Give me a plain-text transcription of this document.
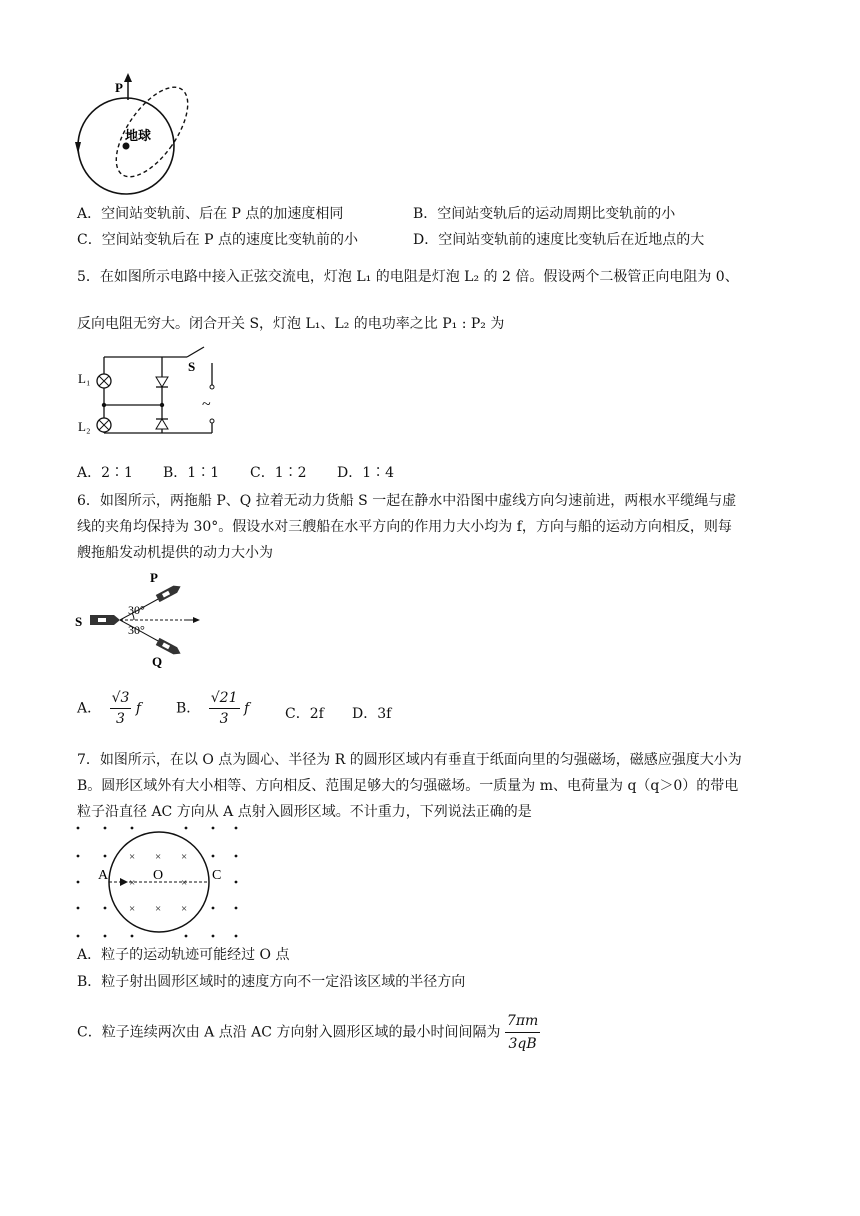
地球
P
A．空间站变轨前、后在 P 点的加速度相同	B．空间站变轨后的运动周期比变轨前的小
C．空间站变轨后在 P 点的速度比变轨前的小	D．空间站变轨前的速度比变轨后在近地点的大
5．在如图所示电路中接入正弦交流电，灯泡 L₁ 的电阻是灯泡 L₂ 的 2 倍。假设两个二极管正向电阻为 0、
反向电阻无穷大。闭合开关 S，灯泡 L₁、L₂ 的电功率之比 P₁ : P₂ 为
L₁
L₂
S
~
A．2∶1 B．1∶1 C．1∶2 D．1∶4
6．如图所示，两拖船 P、Q 拉着无动力货船 S 一起在静水中沿图中虚线方向匀速前进，两根水平缆绳与虚
线的夹角均保持为 30°。假设水对三艘船在水平方向的作用力大小均为 f，方向与船的运动方向相反，则每
艘拖船发动机提供的动力大小为
P
Q
S
30°
30°
A． $\frac{√3}{3}$ f B． $\frac{√21}{3}$ f	C．2f D．3f
7．如图所示，在以 O 点为圆心、半径为 R 的圆形区域内有垂直于纸面向里的匀强磁场，磁感应强度大小为
B。圆形区域外有大小相等、方向相反、范围足够大的匀强磁场。一质量为 m、电荷量为 q（q＞0）的带电
粒子沿直径 AC 方向从 A 点射入圆形区域。不计重力，下列说法正确的是
× × ×
×	×
× × ×
A	O	C
A．粒子的运动轨迹可能经过 O 点
B．粒子射出圆形区域时的速度方向不一定沿该区域的半径方向
C．粒子连续两次由 A 点沿 AC 方向射入圆形区域的最小时间间隔为 $\frac{7\pi m}{3qB}$
